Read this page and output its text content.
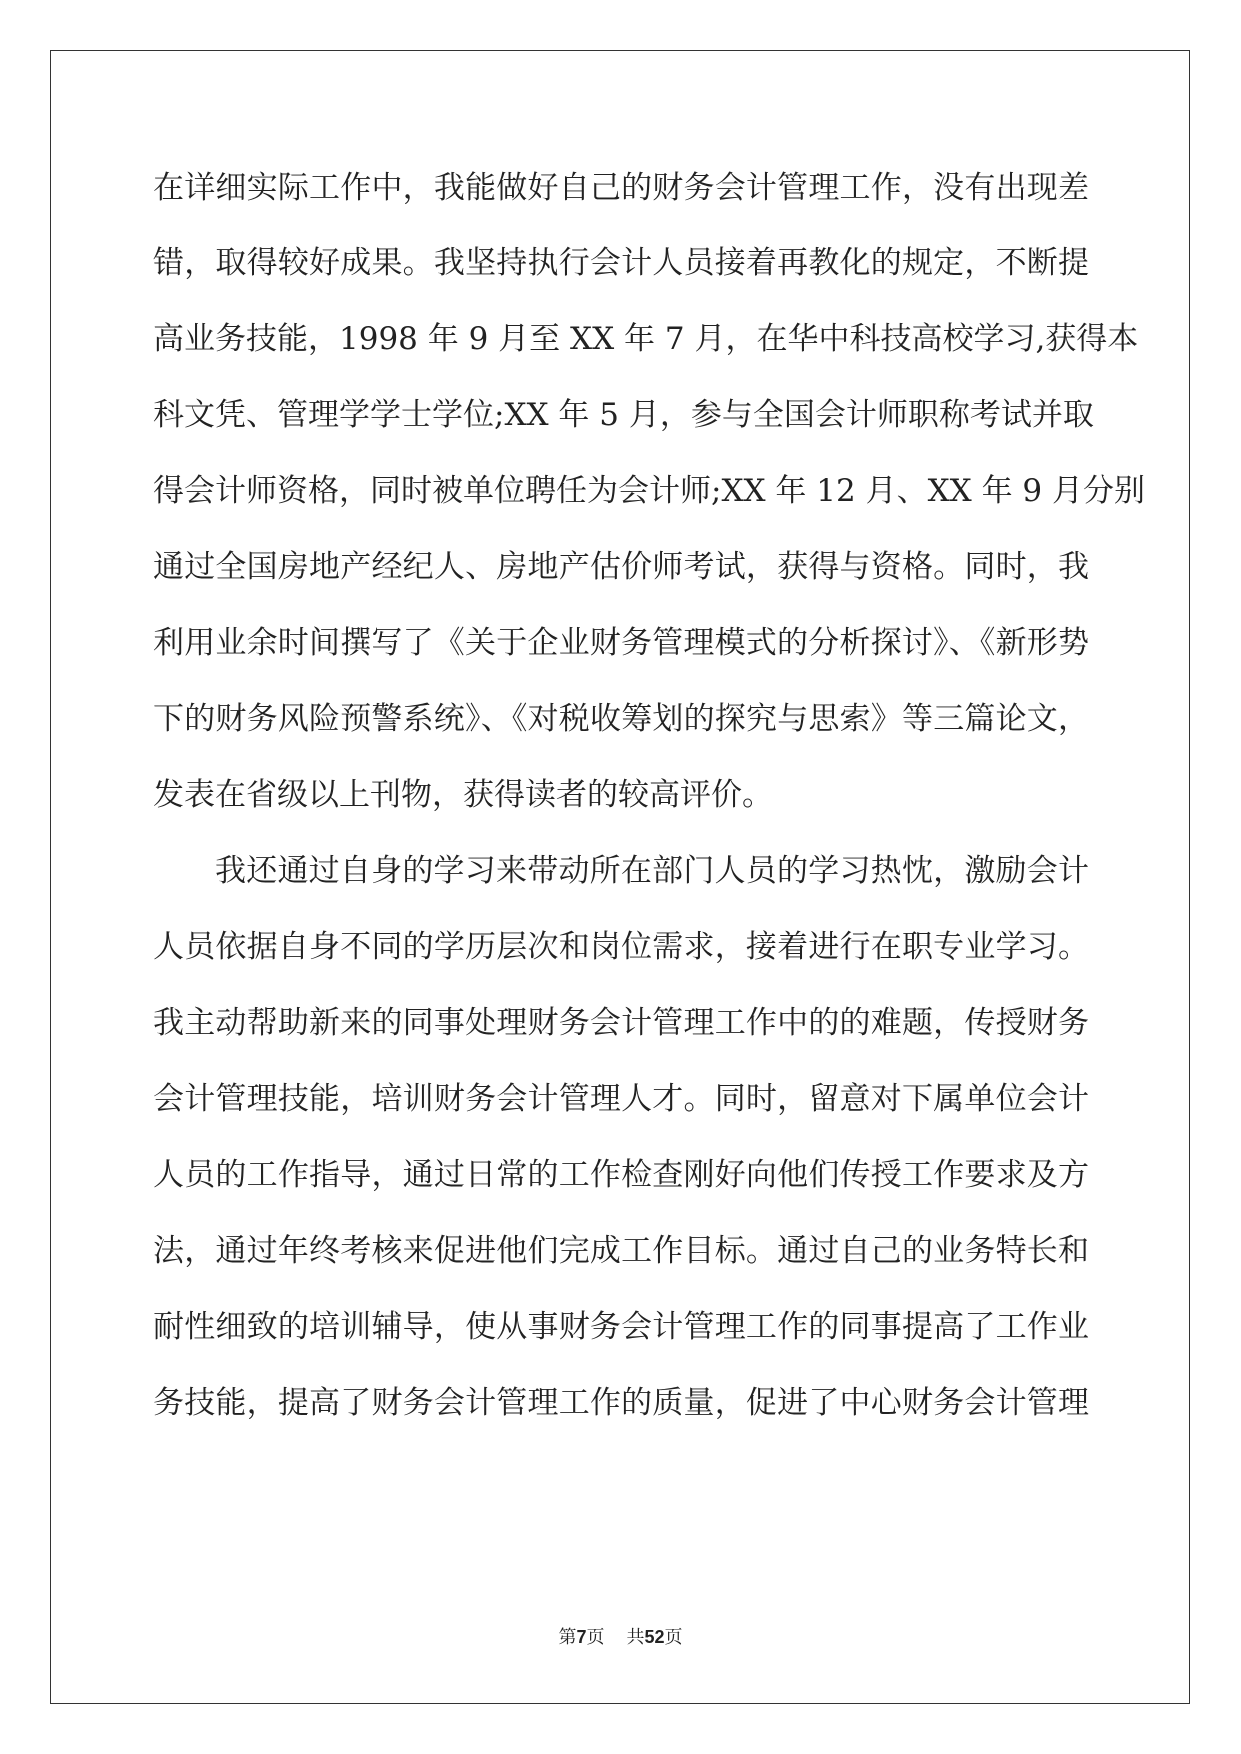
在详细实际工作中，我能做好自己的财务会计管理工作，没有出现差
错，取得较好成果。我坚持执行会计人员接着再教化的规定，不断提
高业务技能，1998 年 9 月至 XX 年 7 月，在华中科技高校学习,获得本
科文凭、管理学学士学位;XX 年 5 月，参与全国会计师职称考试并取
得会计师资格，同时被单位聘任为会计师;XX 年 12 月、XX 年 9 月分别
通过全国房地产经纪人、房地产估价师考试，获得与资格。同时，我
利用业余时间撰写了《关于企业财务管理模式的分析探讨》、《新形势
下的财务风险预警系统》、《对税收筹划的探究与思索》等三篇论文，
发表在省级以上刊物，获得读者的较高评价。
我还通过自身的学习来带动所在部门人员的学习热忱，激励会计
人员依据自身不同的学历层次和岗位需求，接着进行在职专业学习。
我主动帮助新来的同事处理财务会计管理工作中的的难题，传授财务
会计管理技能，培训财务会计管理人才。同时，留意对下属单位会计
人员的工作指导，通过日常的工作检查刚好向他们传授工作要求及方
法，通过年终考核来促进他们完成工作目标。通过自己的业务特长和
耐性细致的培训辅导，使从事财务会计管理工作的同事提高了工作业
务技能，提高了财务会计管理工作的质量，促进了中心财务会计管理
第7页 共52页
